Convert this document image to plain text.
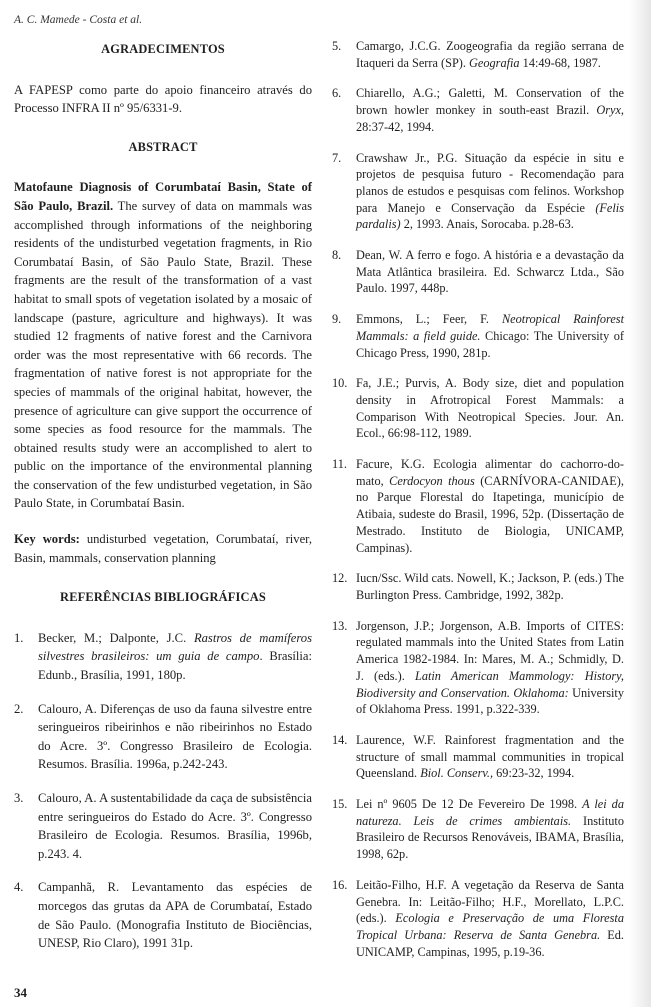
A. C. Mamede - Costa et al.
AGRADECIMENTOS

A FAPESP como parte do apoio financeiro através do Processo INFRA II nº 95/6331-9.

ABSTRACT

Matofaune Diagnosis of Corumbataí Basin, State of São Paulo, Brazil. The survey of data on mammals was accomplished through informations of the neighboring residents of the undisturbed vegetation fragments, in Rio Corumbataí Basin, of São Paulo State, Brazil. These fragments are the result of the transformation of a vast habitat to small spots of vegetation isolated by a mosaic of landscape (pasture, agriculture and highways). It was studied 12 fragments of native forest and the Carnivora order was the most representative with 66 records. The fragmentation of native forest is not appropriate for the species of mammals of the original habitat, however, the presence of agriculture can give support the occurrence of some species as food resource for the mammals. The obtained results study were an accomplished to alert to public on the importance of the environmental planning the conservation of the few undisturbed vegetation, in São Paulo State, in Corumbataí Basin.

Key words: undisturbed vegetation, Corumbataí, river, Basin, mammals, conservation planning

REFERÊNCIAS BIBLIOGRÁFICAS
1. Becker, M.; Dalponte, J.C. Rastros de mamíferos silvestres brasileiros: um guia de campo. Brasília: Edunb., Brasília, 1991, 180p.
2. Calouro, A. Diferenças de uso da fauna silvestre entre seringueiros ribeirinhos e não ribeirinhos no Estado do Acre. 3º. Congresso Brasileiro de Ecologia. Resumos. Brasília. 1996a, p.242-243.
3. Calouro, A. A sustentabilidade da caça de subsistência entre seringueiros do Estado do Acre. 3º. Congresso Brasileiro de Ecologia. Resumos. Brasília, 1996b, p.243. 4.
4. Campanhã, R. Levantamento das espécies de morcegos das grutas da APA de Corumbataí, Estado de São Paulo. (Monografia Instituto de Biociências, UNESP, Rio Claro), 1991 31p.
5. Camargo, J.C.G. Zoogeografia da região serrana de Itaqueri da Serra (SP). Geografia 14:49-68, 1987.
6. Chiarello, A.G.; Galetti, M. Conservation of the brown howler monkey in south-east Brazil. Oryx, 28:37-42, 1994.
7. Crawshaw Jr., P.G. Situação da espécie in situ e projetos de pesquisa futuro - Recomendação para planos de estudos e pesquisas com felinos. Workshop para Manejo e Conservação da Espécie (Felis pardalis) 2, 1993. Anais, Sorocaba. p.28-63.
8. Dean, W. A ferro e fogo. A história e a devastação da Mata Atlântica brasileira. Ed. Schwarcz Ltda., São Paulo. 1997, 448p.
9. Emmons, L.; Feer, F. Neotropical Rainforest Mammals: a field guide. Chicago: The University of Chicago Press, 1990, 281p.
10. Fa, J.E.; Purvis, A. Body size, diet and population density in Afrotropical Forest Mammals: a Comparison With Neotropical Species. Jour. An. Ecol., 66:98-112, 1989.
11. Facure, K.G. Ecologia alimentar do cachorro-do-mato, Cerdocyon thous (CARNÍVORA-CANIDAE), no Parque Florestal do Itapetinga, município de Atibaia, sudeste do Brasil, 1996, 52p. (Dissertação de Mestrado. Instituto de Biologia, UNICAMP, Campinas).
12. Iucn/Ssc. Wild cats. Nowell, K.; Jackson, P. (eds.) The Burlington Press. Cambridge, 1992, 382p.
13. Jorgenson, J.P.; Jorgenson, A.B. Imports of CITES: regulated mammals into the United States from Latin America 1982-1984. In: Mares, M. A.; Schmidly, D. J. (eds.). Latin American Mammology: History, Biodiversity and Conservation. Oklahoma: University of Oklahoma Press. 1991, p.322-339.
14. Laurence, W.F. Rainforest fragmentation and the structure of small mammal communities in tropical Queensland. Biol. Conserv., 69:23-32, 1994.
15. Lei nº 9605 De 12 De Fevereiro De 1998. A lei da natureza. Leis de crimes ambientais. Instituto Brasileiro de Recursos Renováveis, IBAMA, Brasília, 1998, 62p.
16. Leitão-Filho, H.F. A vegetação da Reserva de Santa Genebra. In: Leitão-Filho; H.F., Morellato, L.P.C. (eds.). Ecologia e Preservação de uma Floresta Tropical Urbana: Reserva de Santa Genebra. Ed. UNICAMP, Campinas, 1995, p.19-36.
34
